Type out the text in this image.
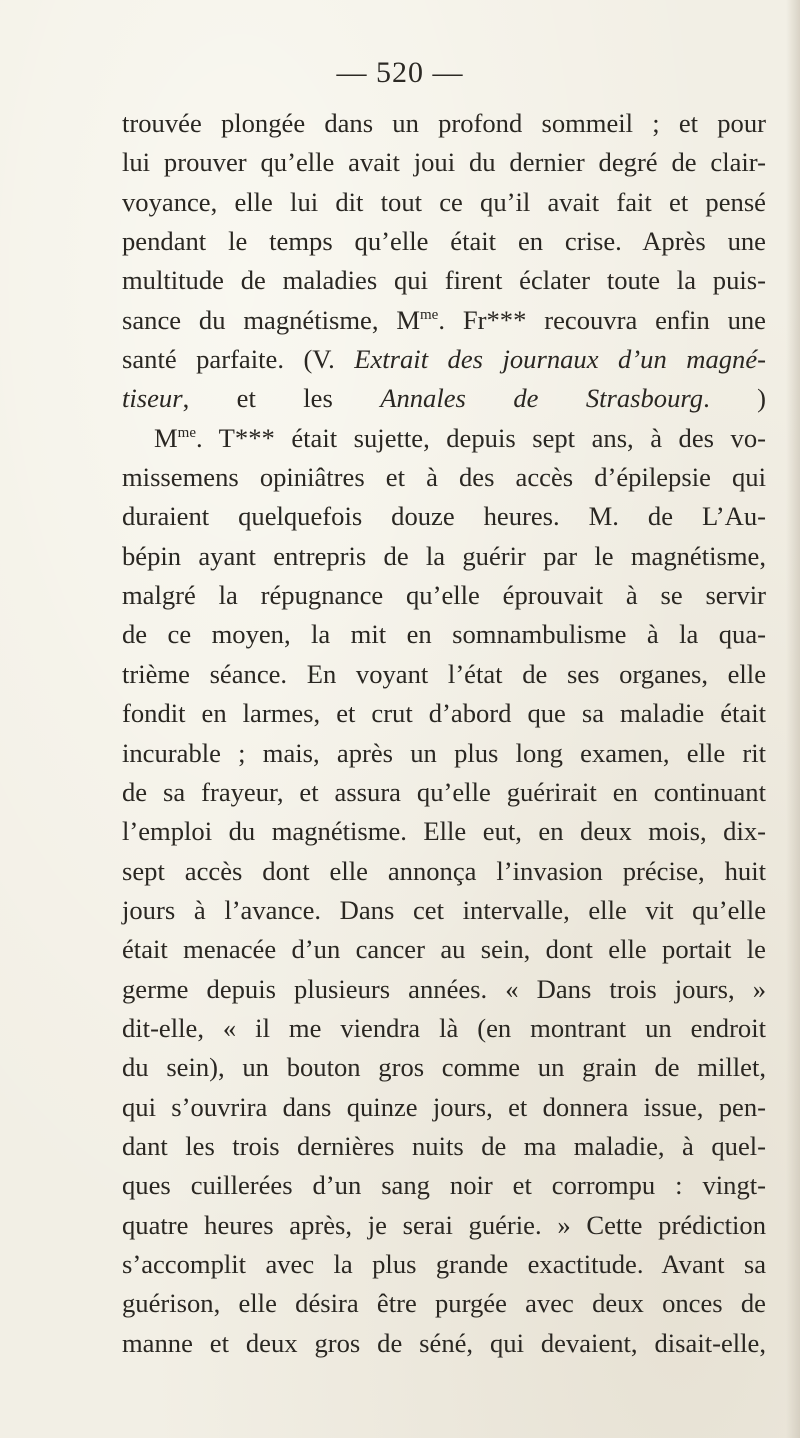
— 520 —
trouvée plongée dans un profond sommeil ; et pour
lui prouver qu’elle avait joui du dernier degré de clair-
voyance, elle lui dit tout ce qu’il avait fait et pensé
pendant le temps qu’elle était en crise. Après une
multitude de maladies qui firent éclater toute la puis-
sance du magnétisme, $M^{me}$. Fr*** recouvra enfin une
santé parfaite. (V. Extrait des journaux d’un magné-
tiseur, et les Annales de Strasbourg. )
$M^{me}$. T*** était sujette, depuis sept ans, à des vo-
missemens opiniâtres et à des accès d’épilepsie qui
duraient quelquefois douze heures. M. de L’Au-
bépin ayant entrepris de la guérir par le magnétisme,
malgré la répugnance qu’elle éprouvait à se servir
de ce moyen, la mit en somnambulisme à la qua-
trième séance. En voyant l’état de ses organes, elle
fondit en larmes, et crut d’abord que sa maladie était
incurable ; mais, après un plus long examen, elle rit
de sa frayeur, et assura qu’elle guérirait en continuant
l’emploi du magnétisme. Elle eut, en deux mois, dix-
sept accès dont elle annonça l’invasion précise, huit
jours à l’avance. Dans cet intervalle, elle vit qu’elle
était menacée d’un cancer au sein, dont elle portait le
germe depuis plusieurs années. « Dans trois jours, »
dit-elle, « il me viendra là (en montrant un endroit
du sein), un bouton gros comme un grain de millet,
qui s’ouvrira dans quinze jours, et donnera issue, pen-
dant les trois dernières nuits de ma maladie, à quel-
ques cuillerées d’un sang noir et corrompu : vingt-
quatre heures après, je serai guérie. » Cette prédiction
s’accomplit avec la plus grande exactitude. Avant sa
guérison, elle désira être purgée avec deux onces de
manne et deux gros de séné, qui devaient, disait-elle,
